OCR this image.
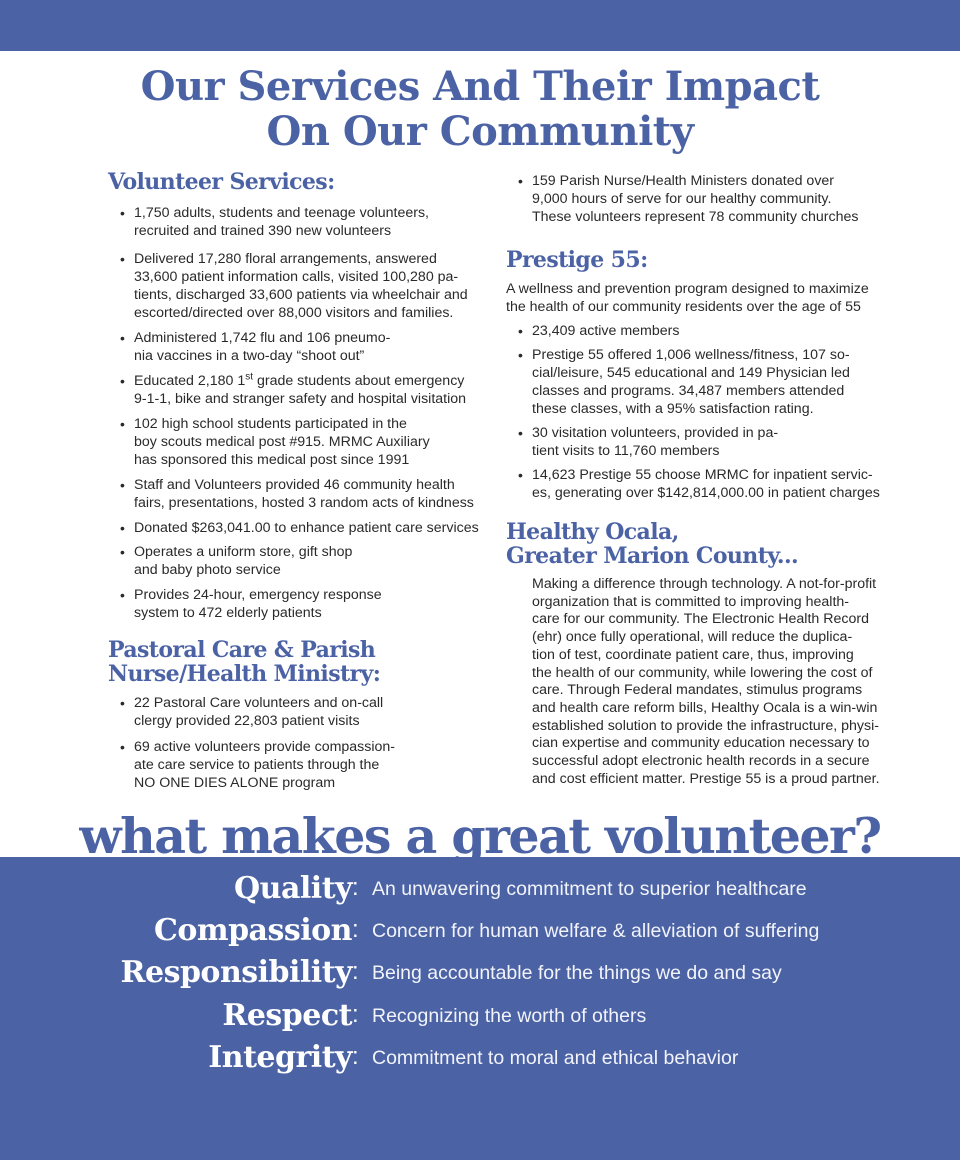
Our Services And Their Impact
On Our Community
Volunteer Services:
• 1,750 adults, students and teenage volunteers,
recruited and trained 390 new volunteers
• Delivered 17,280 floral arrangements, answered
33,600 patient information calls, visited 100,280 pa-
tients, discharged 33,600 patients via wheelchair and
escorted/directed over 88,000 visitors and families.
• Administered 1,742 flu and 106 pneumo-
nia vaccines in a two-day “shoot out”
• Educated 2,180 1st grade students about emergency
9-1-1, bike and stranger safety and hospital visitation
• 102 high school students participated in the
boy scouts medical post #915. MRMC Auxiliary
has sponsored this medical post since 1991
• Staff and Volunteers provided 46 community health
fairs, presentations, hosted 3 random acts of kindness
• Donated $263,041.00 to enhance patient care services
• Operates a uniform store, gift shop
and baby photo service
• Provides 24-hour, emergency response
system to 472 elderly patients
Pastoral Care & Parish
Nurse/Health Ministry:
• 22 Pastoral Care volunteers and on-call
clergy provided 22,803 patient visits
• 69 active volunteers provide compassion-
ate care service to patients through the
NO ONE DIES ALONE program
• 159 Parish Nurse/Health Ministers donated over
9,000 hours of serve for our healthy community.
These volunteers represent 78 community churches
Prestige 55:
A wellness and prevention program designed to maximize
the health of our community residents over the age of 55
• 23,409 active members
• Prestige 55 offered 1,006 wellness/fitness, 107 so-
cial/leisure, 545 educational and 149 Physician led
classes and programs. 34,487 members attended
these classes, with a 95% satisfaction rating.
• 30 visitation volunteers, provided in pa-
tient visits to 11,760 members
• 14,623 Prestige 55 choose MRMC for inpatient servic-
es, generating over $142,814,000.00 in patient charges
Healthy Ocala,
Greater Marion County...
Making a difference through technology. A not-for-profit
organization that is committed to improving health-
care for our community. The Electronic Health Record
(ehr) once fully operational, will reduce the duplica-
tion of test, coordinate patient care, thus, improving
the health of our community, while lowering the cost of
care. Through Federal mandates, stimulus programs
and health care reform bills, Healthy Ocala is a win-win
established solution to provide the infrastructure, physi-
cian expertise and community education necessary to
successful adopt electronic health records in a secure
and cost efficient matter. Prestige 55 is a proud partner.
Quality : An unwavering commitment to superior healthcare
Compassion : Concern for human welfare & alleviation of suffering
Responsibility : Being accountable for the things we do and say
Respect : Recognizing the worth of others
Integrity : Commitment to moral and ethical behavior
what makes a great volunteer?
